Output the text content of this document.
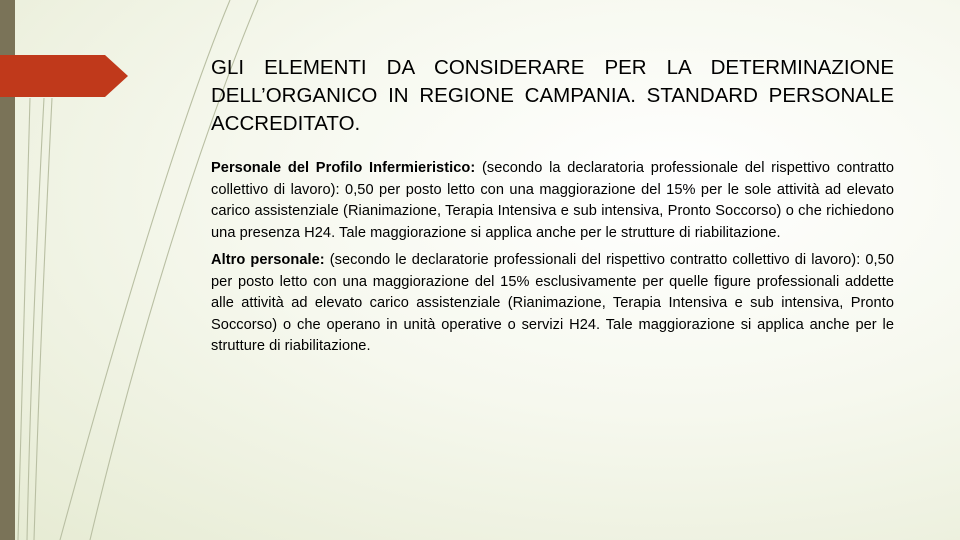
GLI ELEMENTI DA CONSIDERARE PER LA DETERMINAZIONE DELL’ORGANICO IN REGIONE CAMPANIA. STANDARD PERSONALE ACCREDITATO.

Personale del Profilo Infermieristico: (secondo la declaratoria professionale del rispettivo contratto collettivo di lavoro): 0,50 per posto letto con una maggiorazione del 15% per le sole attività ad elevato carico assistenziale (Rianimazione, Terapia Intensiva e sub intensiva, Pronto Soccorso) o che richiedono una presenza H24. Tale maggiorazione si applica anche per le strutture di riabilitazione.

Altro personale: (secondo le declaratorie professionali del rispettivo contratto collettivo di lavoro): 0,50 per posto letto con una maggiorazione del 15% esclusivamente per quelle figure professionali addette alle attività ad elevato carico assistenziale (Rianimazione, Terapia Intensiva e sub intensiva, Pronto Soccorso) o che operano in unità operative o servizi H24. Tale maggiorazione si applica anche per le strutture di riabilitazione.
